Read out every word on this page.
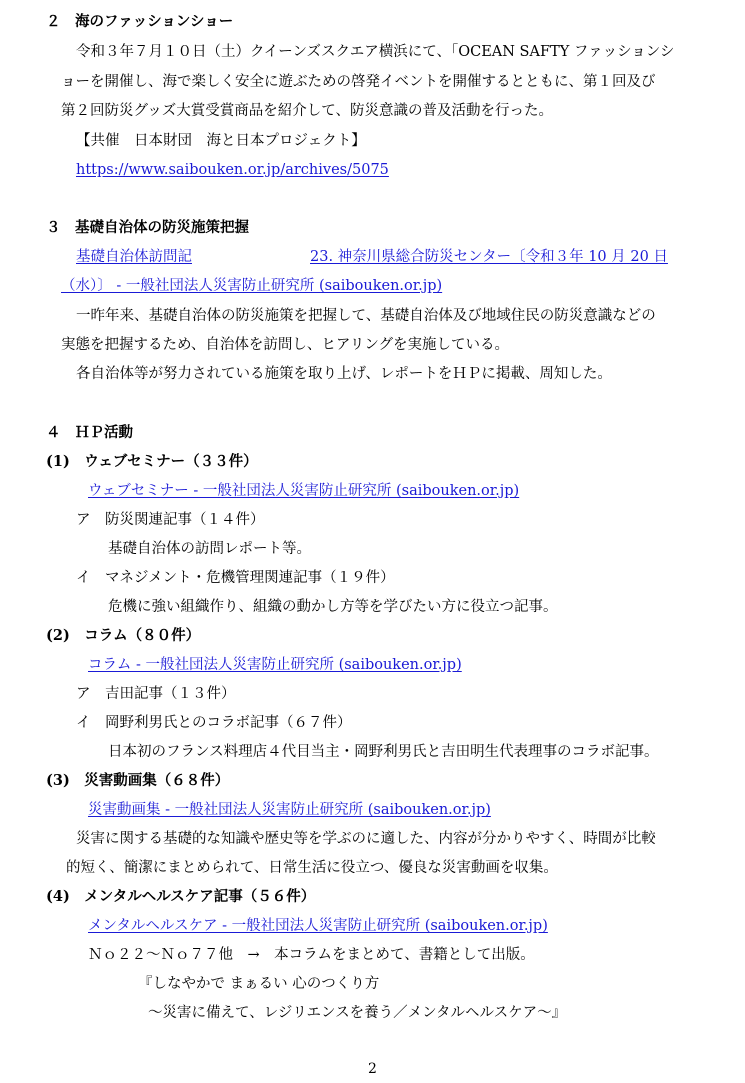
２　海のファッションショー
令和３年７月１０日（土）クイーンズスクエア横浜にて、「OCEAN SAFTY ファッションシ
ョーを開催し、海で楽しく安全に遊ぶための啓発イベントを開催するとともに、第１回及び
第２回防災グッズ大賞受賞商品を紹介して、防災意識の普及活動を行った。
【共催　日本財団　海と日本プロジェクト】
https://www.saibouken.or.jp/archives/5075
３　基礎自治体の防災施策把握
基礎自治体訪問記	23. 神奈川県総合防災センター〔令和３年 10 月 20 日
（水）〕 - 一般社団法人災害防止研究所 (saibouken.or.jp)
一昨年来、基礎自治体の防災施策を把握して、基礎自治体及び地域住民の防災意識などの
実態を把握するため、自治体を訪問し、ヒアリングを実施している。
各自治体等が努力されている施策を取り上げ、レポートをＨＰに掲載、周知した。
４　ＨＰ活動
(1)　ウェブセミナー（３３件）
ウェブセミナー - 一般社団法人災害防止研究所 (saibouken.or.jp)
ア　防災関連記事（１４件）
基礎自治体の訪問レポート等。
イ　マネジメント・危機管理関連記事（１９件）
危機に強い組織作り、組織の動かし方等を学びたい方に役立つ記事。
(2)　コラム（８０件）
コラム - 一般社団法人災害防止研究所 (saibouken.or.jp)
ア　吉田記事（１３件）
イ　岡野利男氏とのコラボ記事（６７件）
日本初のフランス料理店４代目当主・岡野利男氏と吉田明生代表理事のコラボ記事。
(3)　災害動画集（６８件）
災害動画集 - 一般社団法人災害防止研究所 (saibouken.or.jp)
災害に関する基礎的な知識や歴史等を学ぶのに適した、内容が分かりやすく、時間が比較
的短く、簡潔にまとめられて、日常生活に役立つ、優良な災害動画を収集。
(4)　メンタルヘルスケア記事（５６件）
メンタルヘルスケア - 一般社団法人災害防止研究所 (saibouken.or.jp)
Ｎｏ２２～Ｎｏ７７他　→　本コラムをまとめて、書籍として出版。
『しなやかで まぁるい 心のつくり方
～災害に備えて、レジリエンスを養う／メンタルヘルスケア～』
2
